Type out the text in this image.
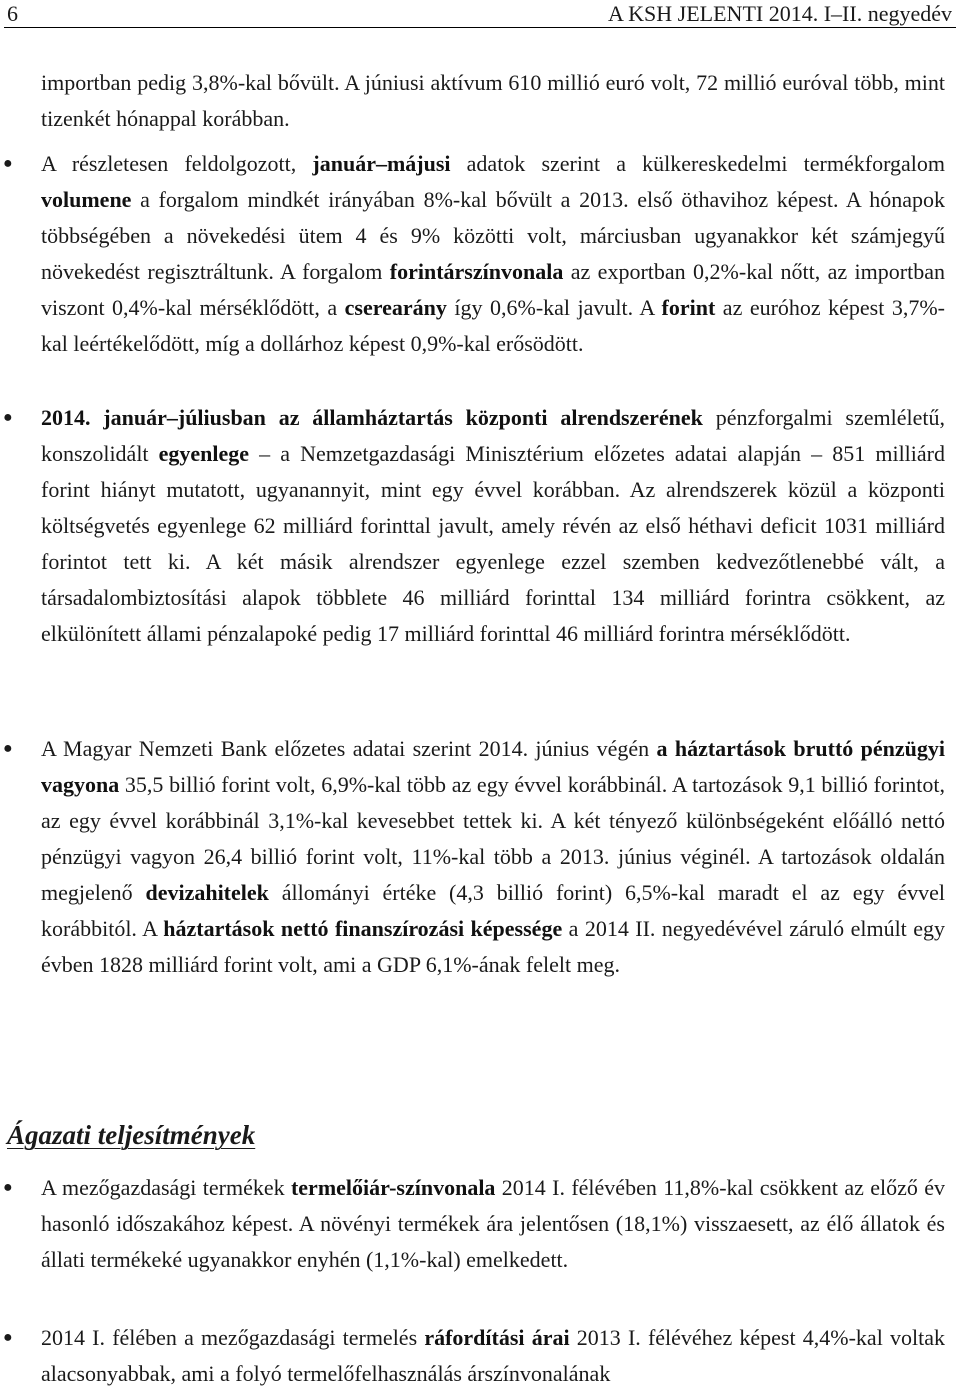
6	A KSH JELENTI 2014. I–II. negyedév

importban pedig 3,8%-kal bővült. A júniusi aktívum 610 millió euró volt, 72 millió euróval több, mint tizenkét hónappal korábban.

● A részletesen feldolgozott, január–májusi adatok szerint a külkereskedelmi termékforgalom volumene a forgalom mindkét irányában 8%-kal bővült a 2013. első öthavihoz képest. A hónapok többségében a növekedési ütem 4 és 9% közötti volt, márciusban ugyanakkor két számjegyű növekedést regisztráltunk. A forgalom forintárszínvonala az exportban 0,2%-kal nőtt, az importban viszont 0,4%-kal mérséklődött, a cserearány így 0,6%-kal javult. A forint az euróhoz képest 3,7%-kal leértékelődött, míg a dollárhoz képest 0,9%-kal erősödött.

● 2014. január–júliusban az államháztartás központi alrendszerének pénzforgalmi szemléletű, konszolidált egyenlege – a Nemzetgazdasági Minisztérium előzetes adatai alapján – 851 milliárd forint hiányt mutatott, ugyanannyit, mint egy évvel korábban. Az alrendszerek közül a központi költségvetés egyenlege 62 milliárd forinttal javult, amely révén az első héthavi deficit 1031 milliárd forintot tett ki. A két másik alrendszer egyenlege ezzel szemben kedvezőtlenebbé vált, a társadalombiztosítási alapok többlete 46 milliárd forinttal 134 milliárd forintra csökkent, az elkülönített állami pénzalapoké pedig 17 milliárd forinttal 46 milliárd forintra mérséklődött.

● A Magyar Nemzeti Bank előzetes adatai szerint 2014. június végén a háztartások bruttó pénzügyi vagyona 35,5 billió forint volt, 6,9%-kal több az egy évvel korábbinál. A tartozások 9,1 billió forintot, az egy évvel korábbinál 3,1%-kal kevesebbet tettek ki. A két tényező különbségeként előálló nettó pénzügyi vagyon 26,4 billió forint volt, 11%-kal több a 2013. június véginél. A tartozások oldalán megjelenő devizahitelek állományi értéke (4,3 billió forint) 6,5%-kal maradt el az egy évvel korábbitól. A háztartások nettó finanszírozási képessége a 2014 II. negyedévével záruló elmúlt egy évben 1828 milliárd forint volt, ami a GDP 6,1%-ának felelt meg.

Ágazati teljesítmények
● A mezőgazdasági termékek termelőiár-színvonala 2014 I. félévében 11,8%-kal csökkent az előző év hasonló időszakához képest. A növényi termékek ára jelentősen (18,1%) visszaesett, az élő állatok és állati termékeké ugyanakkor enyhén (1,1%-kal) emelkedett.

● 2014 I. félében a mezőgazdasági termelés ráfordítási árai 2013 I. félévéhez képest 4,4%-kal voltak alacsonyabbak, ami a folyó termelőfelhasználás árszínvonalának
